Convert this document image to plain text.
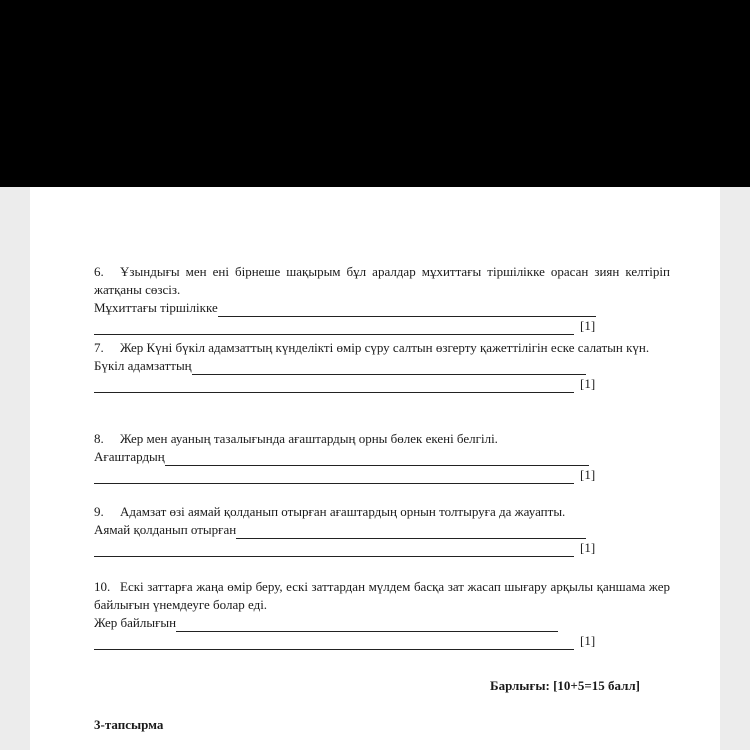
6. Ұзындығы мен ені бірнеше шақырым бұл аралдар мұхиттағы тіршілікке орасан зиян келтіріп жатқаны сөзсіз.
Мұхиттағы тіршілікке
[1]
7. Жер Күні бүкіл адамзаттың күнделікті өмір сүру салтын өзгерту қажеттілігін еске салатын күн.
Бүкіл адамзаттың
[1]
8. Жер мен ауаның тазалығында ағаштардың орны бөлек екені белгілі.
Ағаштардың
[1]
9. Адамзат өзі аямай қолданып отырған ағаштардың орнын толтыруға да жауапты.
Аямай қолданып отырған
[1]
10. Ескі заттарға жаңа өмір беру, ескі заттардан мүлдем басқа зат жасап шығару арқылы қаншама жер байлығын үнемдеуге болар еді.
Жер байлығын
[1]
Барлығы: [10+5=15 балл]
3-тапсырма
